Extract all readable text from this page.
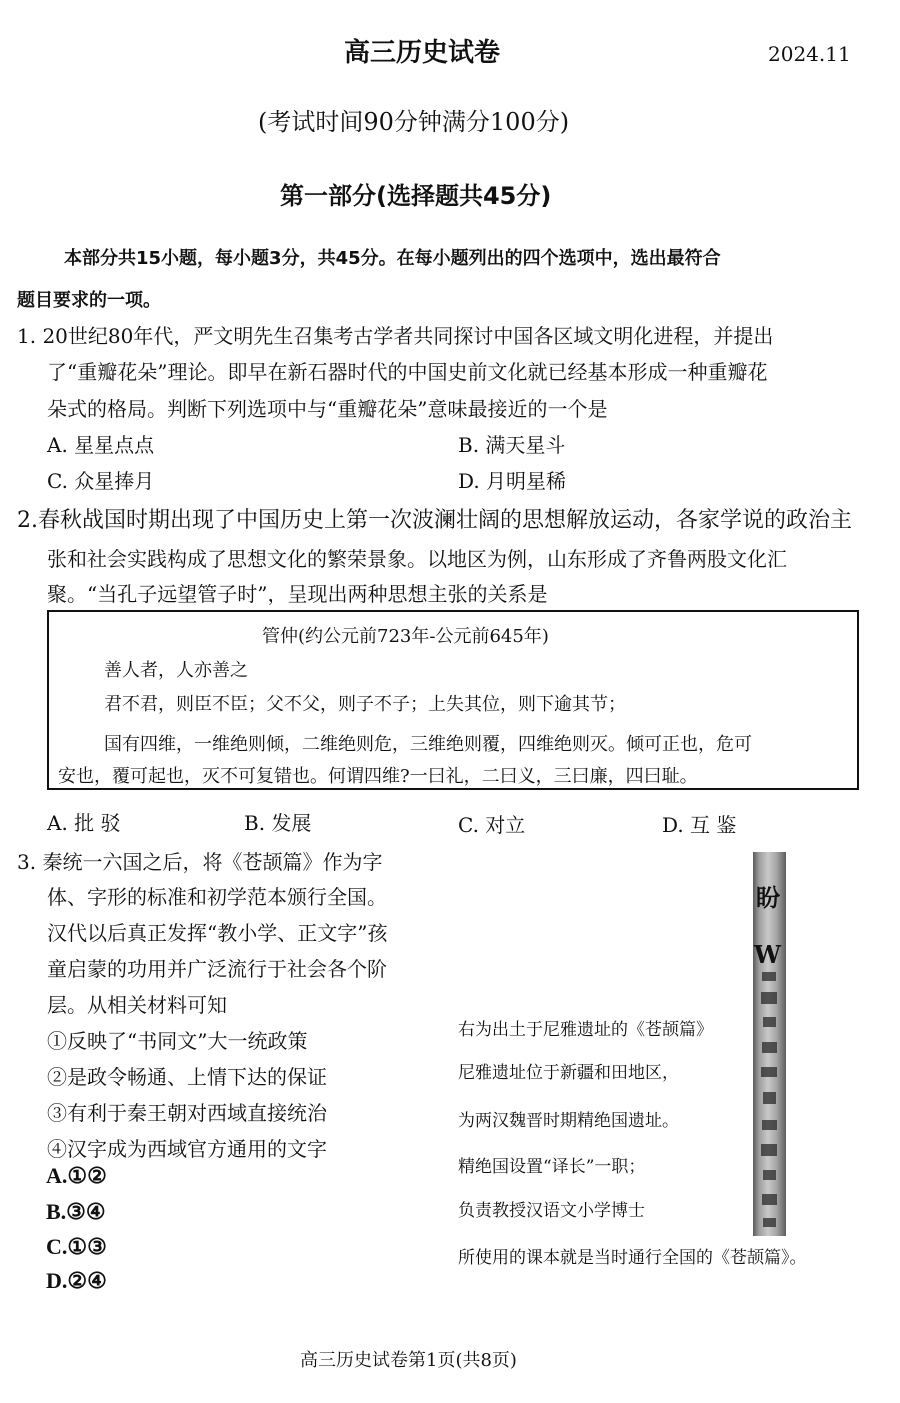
高三历史试卷	2024.11
(考试时间90分钟满分100分)
第一部分(选择题共45分)
本部分共15小题，每小题3分，共45分。在每小题列出的四个选项中，选出最符合
题目要求的一项。
1. 20世纪80年代，严文明先生召集考古学者共同探讨中国各区域文明化进程，并提出
了“重瓣花朵”理论。即早在新石器时代的中国史前文化就已经基本形成一种重瓣花
朵式的格局。判断下列选项中与“重瓣花朵”意味最接近的一个是
A. 星星点点	B. 满天星斗
C. 众星捧月	D. 月明星稀
2.春秋战国时期出现了中国历史上第一次波澜壮阔的思想解放运动，各家学说的政治主
张和社会实践构成了思想文化的繁荣景象。以地区为例，山东形成了齐鲁两股文化汇
聚。“当孔子远望管子时”，呈现出两种思想主张的关系是
管仲(约公元前723年-公元前645年)
善人者，人亦善之
君不君，则臣不臣；父不父，则子不子；上失其位，则下逾其节；
国有四维，一维绝则倾，二维绝则危，三维绝则覆，四维绝则灭。倾可正也，危可
安也，覆可起也，灭不可复错也。何谓四维?一曰礼，二曰义，三曰廉，四曰耻。
A. 批 驳	B. 发展	C. 对立	D. 互 鉴
3. 秦统一六国之后，将《苍颉篇》作为字
体、字形的标准和初学范本颁行全国。
汉代以后真正发挥“教小学、正文字”孩
童启蒙的功用并广泛流行于社会各个阶
层。从相关材料可知
①反映了“书同文”大一统政策
②是政令畅通、上情下达的保证
③有利于秦王朝对西域直接统治
④汉字成为西域官方通用的文字
A.①②
B.③④
C.①③
D.②④
右为出土于尼雅遗址的《苍颉篇》
尼雅遗址位于新疆和田地区，
为两汉魏晋时期精绝国遗址。
精绝国设置“译长”一职；
负责教授汉语文小学博士
所使用的课本就是当时通行全国的《苍颉篇》。
盼
W
高三历史试卷第1页(共8页)
